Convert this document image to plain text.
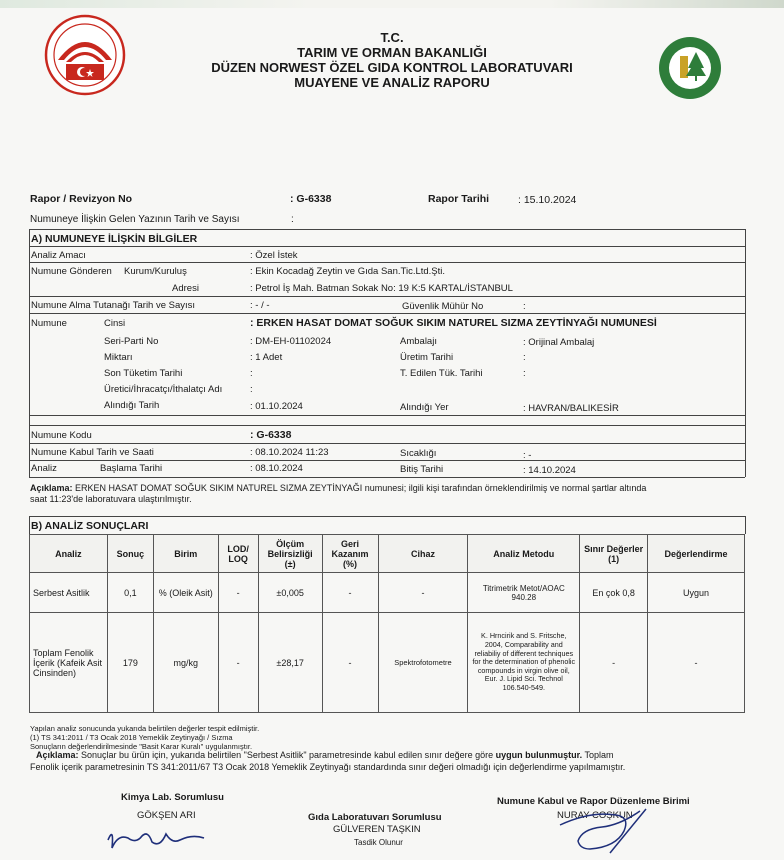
T.C.
TARIM VE ORMAN BAKANLIĞI
DÜZEN NORWEST ÖZEL GIDA KONTROL LABORATUVARI
MUAYENE VE ANALİZ RAPORU
Rapor / Revizyon No	: G-6338	Rapor Tarihi	: 15.10.2024
Numuneye İlişkin Gelen Yazının Tarih ve Sayısı	:
A) NUMUNEYE İLİŞKİN BİLGİLER
Analiz Amacı	: Özel İstek
Numune Gönderen Kurum/Kuruluş	: Ekin Kocadağ Zeytin ve Gıda San.Tic.Ltd.Şti.
Adresi	: Petrol İş Mah. Batman Sokak No: 19 K:5 KARTAL/İSTANBUL
Numune Alma Tutanağı Tarih ve Sayısı	: - / -	Güvenlik Mühür No	:
Numune	Cinsi	: ERKEN HASAT DOMAT SOĞUK SIKIM NATUREL SIZMA ZEYTİNYAĞI NUMUNESİ
Seri-Parti No	: DM-EH-01102024	Ambalajı	: Orijinal Ambalaj
Miktarı	: 1 Adet	Üretim Tarihi	:
Son Tüketim Tarihi	:	T. Edilen Tük. Tarihi	:
Üretici/İhracatçı/İthalatçı Adı	:
Alındığı Tarih	: 01.10.2024	Alındığı Yer	: HAVRAN/BALIKESİR
Numune Kodu	: G-6338
Numune Kabul Tarih ve Saati	: 08.10.2024 11:23	Sıcaklığı	: -
Analiz	Başlama Tarihi	: 08.10.2024	Bitiş Tarihi	: 14.10.2024
Açıklama: ERKEN HASAT DOMAT SOĞUK SIKIM NATUREL SIZMA ZEYTİNYAĞI numunesi; ilgili kişi tarafından örneklendirilmiş ve normal şartlar altında
saat 11:23'de laboratuvara ulaştırılmıştır.
B) ANALİZ SONUÇLARI
Analiz	Sonuç	Birim	LOD/ LOQ	Ölçüm Belirsizliği (±)	Geri Kazanım (%)	Cihaz	Analiz Metodu	Sınır Değerler (1)	Değerlendirme
Serbest Asitlik	0,1	% (Oleik Asit)	-	±0,005	-	-	Titrimetrik Metot/AOAC 940.28	En çok 0,8	Uygun
Toplam Fenolik İçerik (Kafeik Asit Cinsinden)	179	mg/kg	-	±28,17	-	Spektrofotometre	K. Hrncirik and S. Fritsche, 2004, Comparability and reliabiliy of different techniques for the determination of phenolic compounds in virgin olive oil, Eur. J. Lipid Sci. Technol 106.540-549.	-	-
Yapılan analiz sonucunda yukarıda belirtilen değerler tespit edilmiştir.
(1) TS 341:2011 / T3 Ocak 2018 Yemeklik Zeytinyağı / Sızma
Sonuçların değerlendirilmesinde "Basit Karar Kuralı" uygulanmıştır.
Açıklama: Sonuçlar bu ürün için, yukarıda belirtilen "Serbest Asitlik" parametresinde kabul edilen sınır değere göre uygun bulunmuştur. Toplam
Fenolik içerik parametresinin TS 341:2011/67 T3 Ocak 2018 Yemeklik Zeytinyağı standardında sınır değeri olmadığı için değerlendirme yapılmamıştır.
Kimya Lab. Sorumlusu
GÖKŞEN ARI	Gıda Laboratuvarı Sorumlusu
GÜLVEREN TAŞKIN
Tasdik Olunur
Numune Kabul ve Rapor Düzenleme Birimi
NURAY COŞKUN
